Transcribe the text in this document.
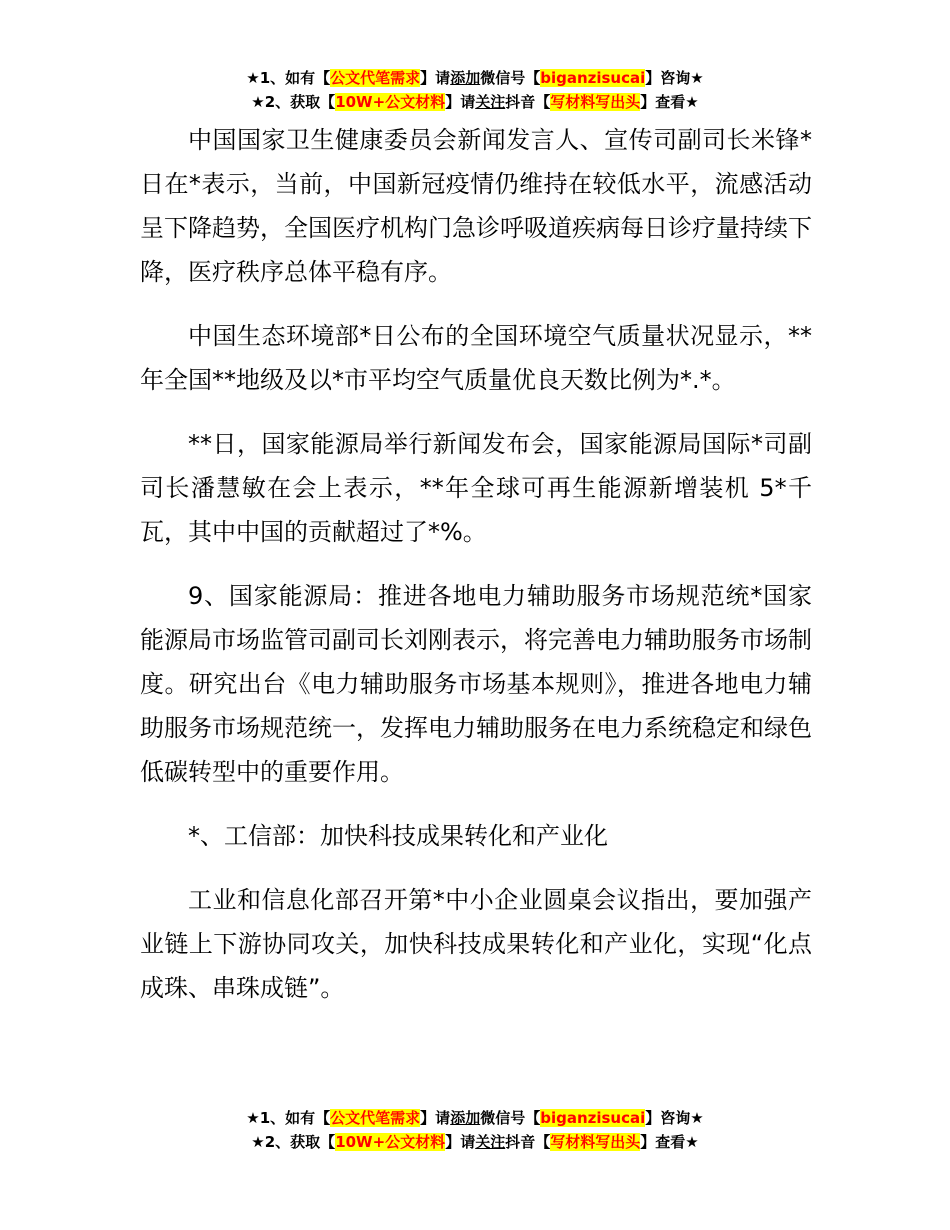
★1、如有【公文代笔需求】请添加微信号【biganzisucai】咨询★
★2、获取【10W+公文材料】请关注抖音【写材料写出头】查看★

中国国家卫生健康委员会新闻发言人、宣传司副司长米锋*日在*表示，当前，中国新冠疫情仍维持在较低水平，流感活动呈下降趋势，全国医疗机构门急诊呼吸道疾病每日诊疗量持续下降，医疗秩序总体平稳有序。

中国生态环境部*日公布的全国环境空气质量状况显示，**年全国**地级及以*市平均空气质量优良天数比例为*.*。

**日，国家能源局举行新闻发布会，国家能源局国际*司副司长潘慧敏在会上表示，**年全球可再生能源新增装机 5*千瓦，其中中国的贡献超过了*%。

9、国家能源局：推进各地电力辅助服务市场规范统*国家能源局市场监管司副司长刘刚表示，将完善电力辅助服务市场制度。研究出台《电力辅助服务市场基本规则》，推进各地电力辅助服务市场规范统一，发挥电力辅助服务在电力系统稳定和绿色低碳转型中的重要作用。

*、工信部：加快科技成果转化和产业化

工业和信息化部召开第*中小企业圆桌会议指出，要加强产业链上下游协同攻关，加快科技成果转化和产业化，实现“化点成珠、串珠成链”。

★1、如有【公文代笔需求】请添加微信号【biganzisucai】咨询★
★2、获取【10W+公文材料】请关注抖音【写材料写出头】查看★
